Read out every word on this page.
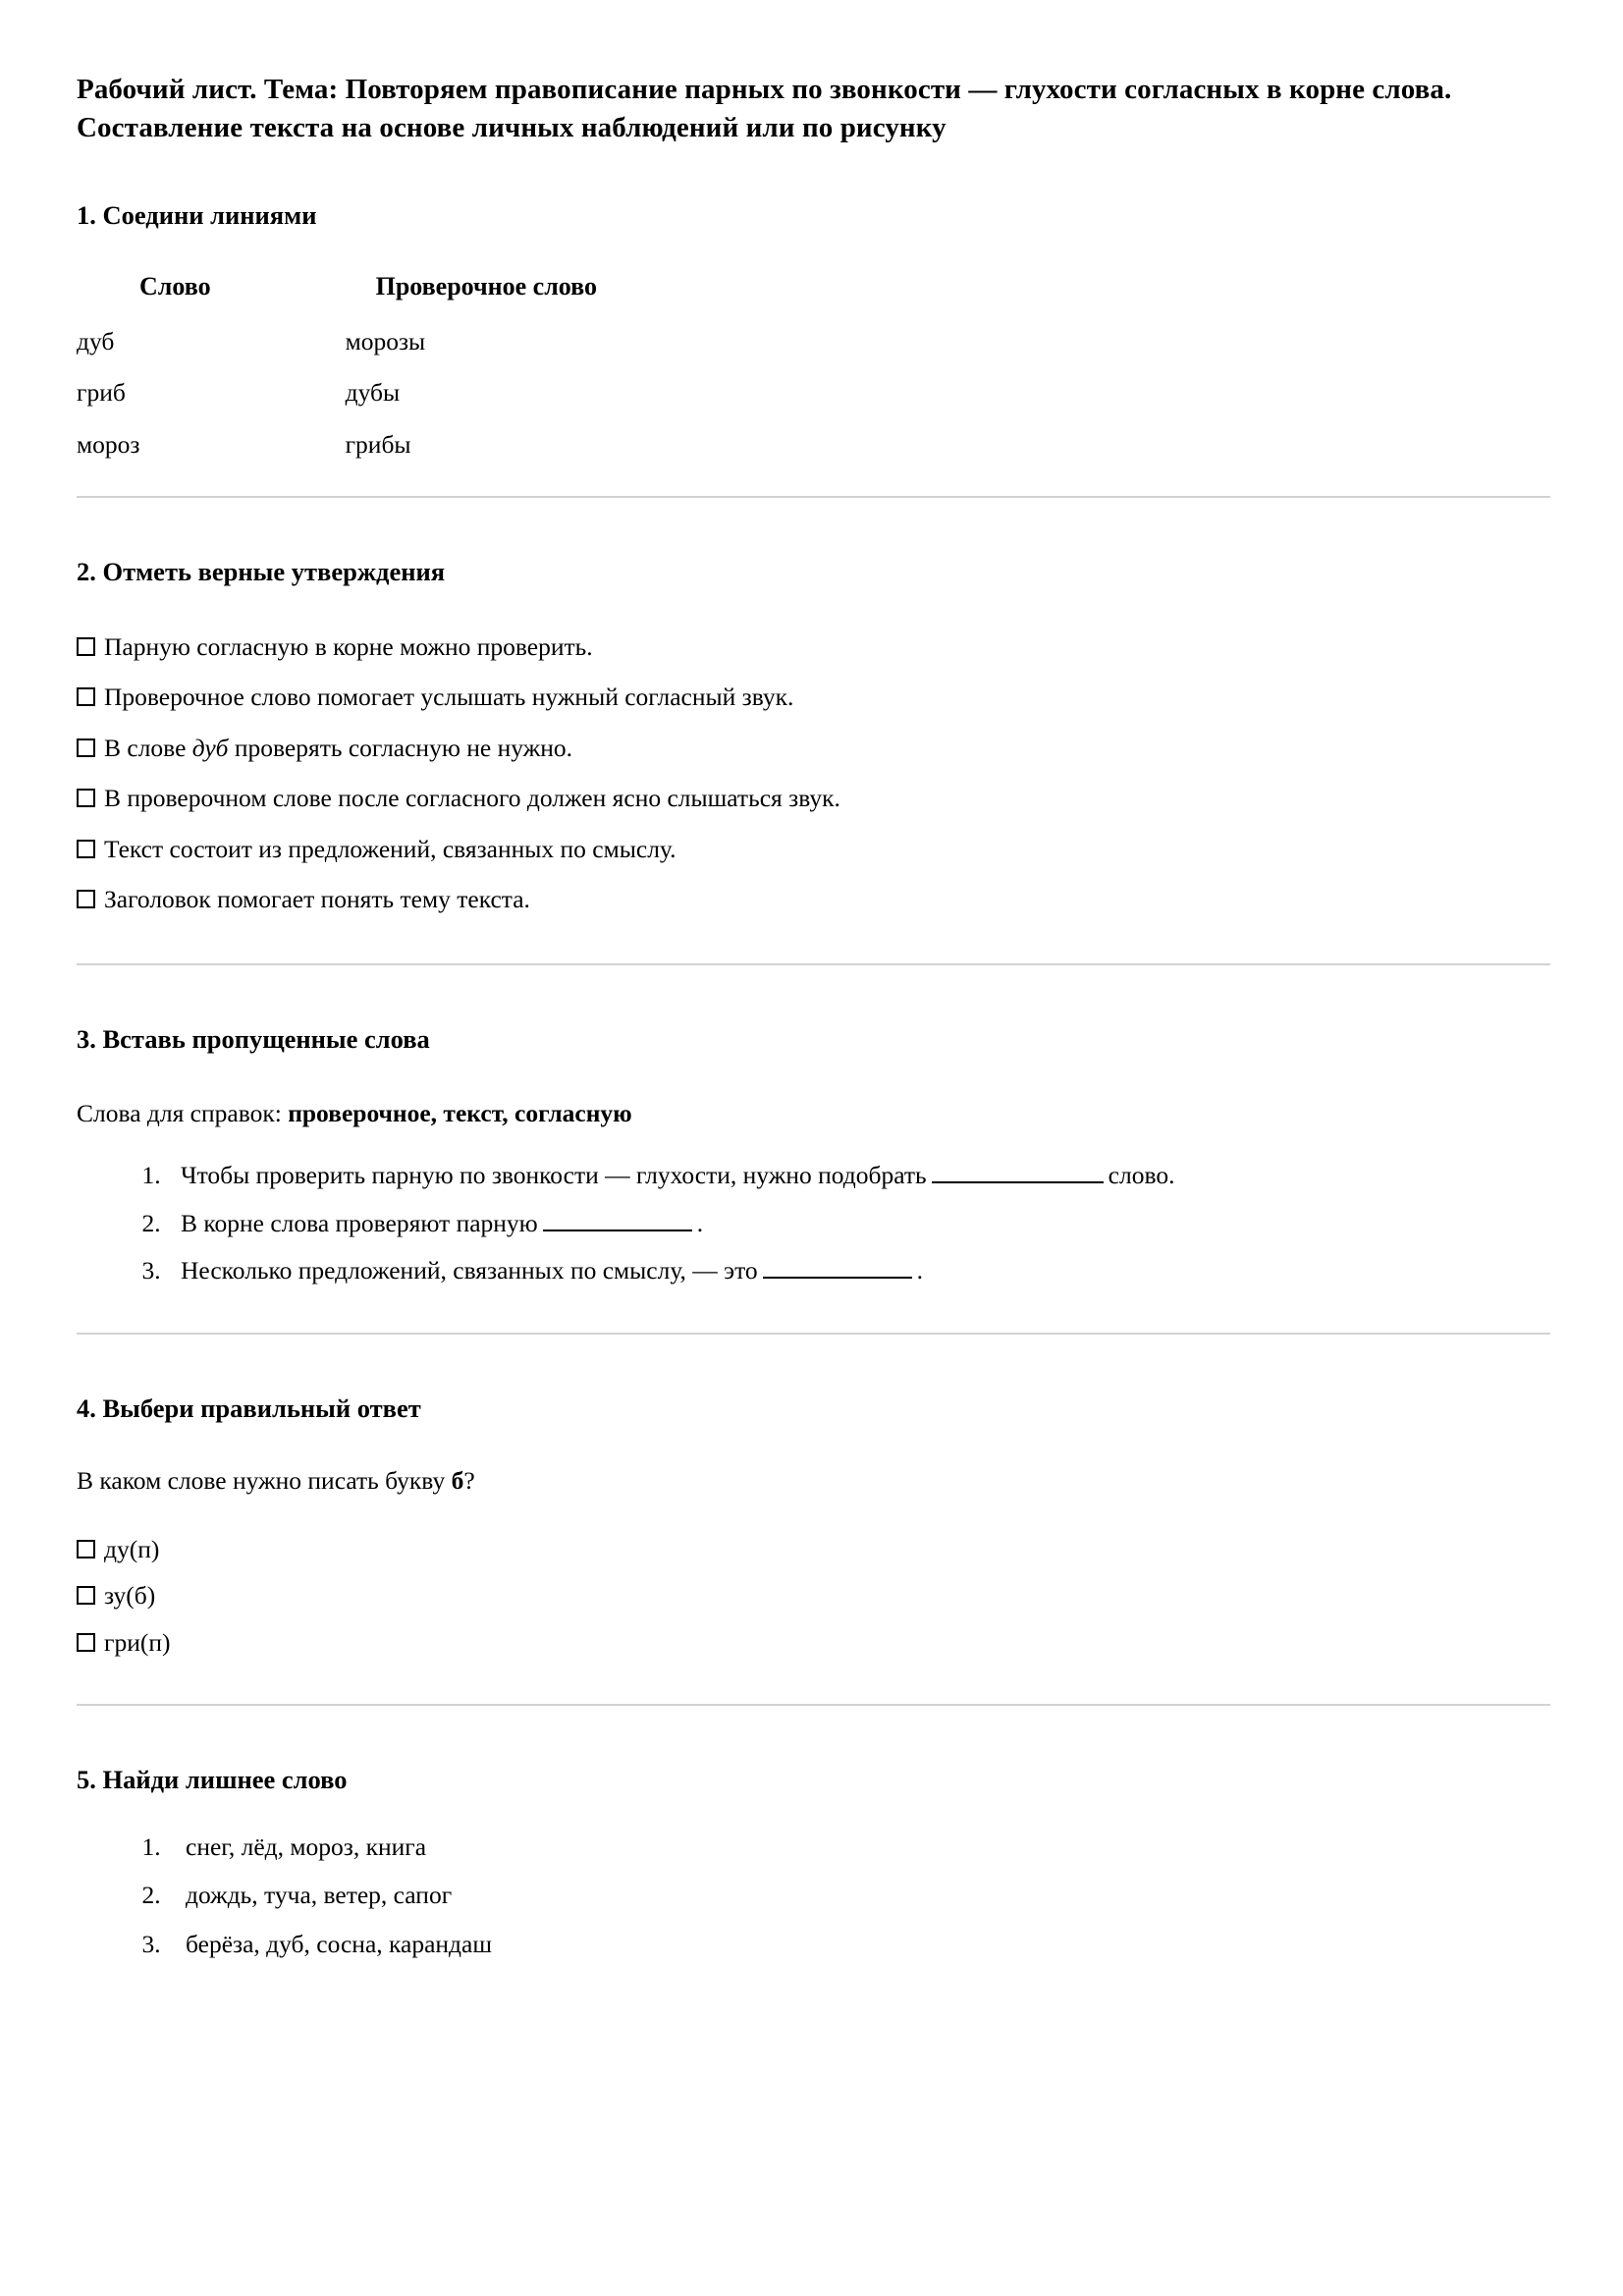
Рабочий лист. Тема: Повторяем правописание парных по звонкости — глухости согласных в корне слова. Составление текста на основе личных наблюдений или по рисунку
1. Соедини линиями
Слово	Проверочное слово
дуб	морозы
гриб	дубы
мороз	грибы
2. Отметь верные утверждения
Парную согласную в корне можно проверить.
Проверочное слово помогает услышать нужный согласный звук.
В слове дуб проверять согласную не нужно.
В проверочном слове после согласного должен ясно слышаться звук.
Текст состоит из предложений, связанных по смыслу.
Заголовок помогает понять тему текста.
3. Вставь пропущенные слова

Слова для справок: проверочное, текст, согласную

1. Чтобы проверить парную по звонкости — глухости, нужно подобрать	слово.
2. В корне слова проверяют парную	.
3. Несколько предложений, связанных по смыслу, — это	.
4. Выбери правильный ответ

В каком слове нужно писать букву б?

ду(п)
зу(б)
гри(п)
5. Найди лишнее слово
1. снег, лёд, мороз, книга
2. дождь, туча, ветер, сапог
3. берёза, дуб, сосна, карандаш
